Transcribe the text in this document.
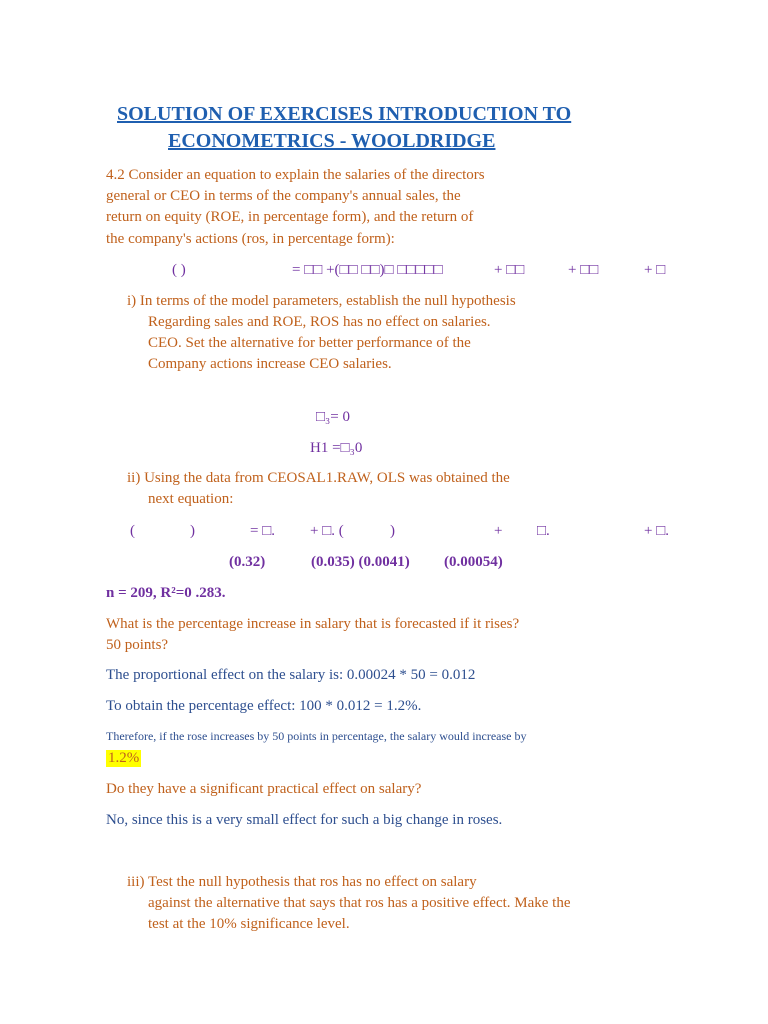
SOLUTION OF EXERCISES INTRODUCTION TO
ECONOMETRICS - WOOLDRIDGE
4.2 Consider an equation to explain the salaries of the directors
general or CEO in terms of the company's annual sales, the
return on equity (ROE, in percentage form), and the return of
the company's actions (ros, in percentage form):
( )	= □□ +(□□ □□)□ □□□□□	+ □□	+ □□	+ □
i) In terms of the model parameters, establish the null hypothesis
Regarding sales and ROE, ROS has no effect on salaries.
CEO. Set the alternative for better performance of the
Company actions increase CEO salaries.
□₃= 0
H1 =□₃0
ii) Using the data from CEOSAL1.RAW, OLS was obtained the
next equation:
(	)	= □. + □. (	)	+ □.	+ □.
(0.32)	(0.035) (0.0041) (0.00054)
n = 209, R²=0 .283.
What is the percentage increase in salary that is forecasted if it rises?
50 points?
The proportional effect on the salary is: 0.00024 * 50 = 0.012
To obtain the percentage effect: 100 * 0.012 = 1.2%.
Therefore, if the rose increases by 50 points in percentage, the salary would increase by
1.2%
Do they have a significant practical effect on salary?
No, since this is a very small effect for such a big change in roses.
iii) Test the null hypothesis that ros has no effect on salary
against the alternative that says that ros has a positive effect. Make the
test at the 10% significance level.
